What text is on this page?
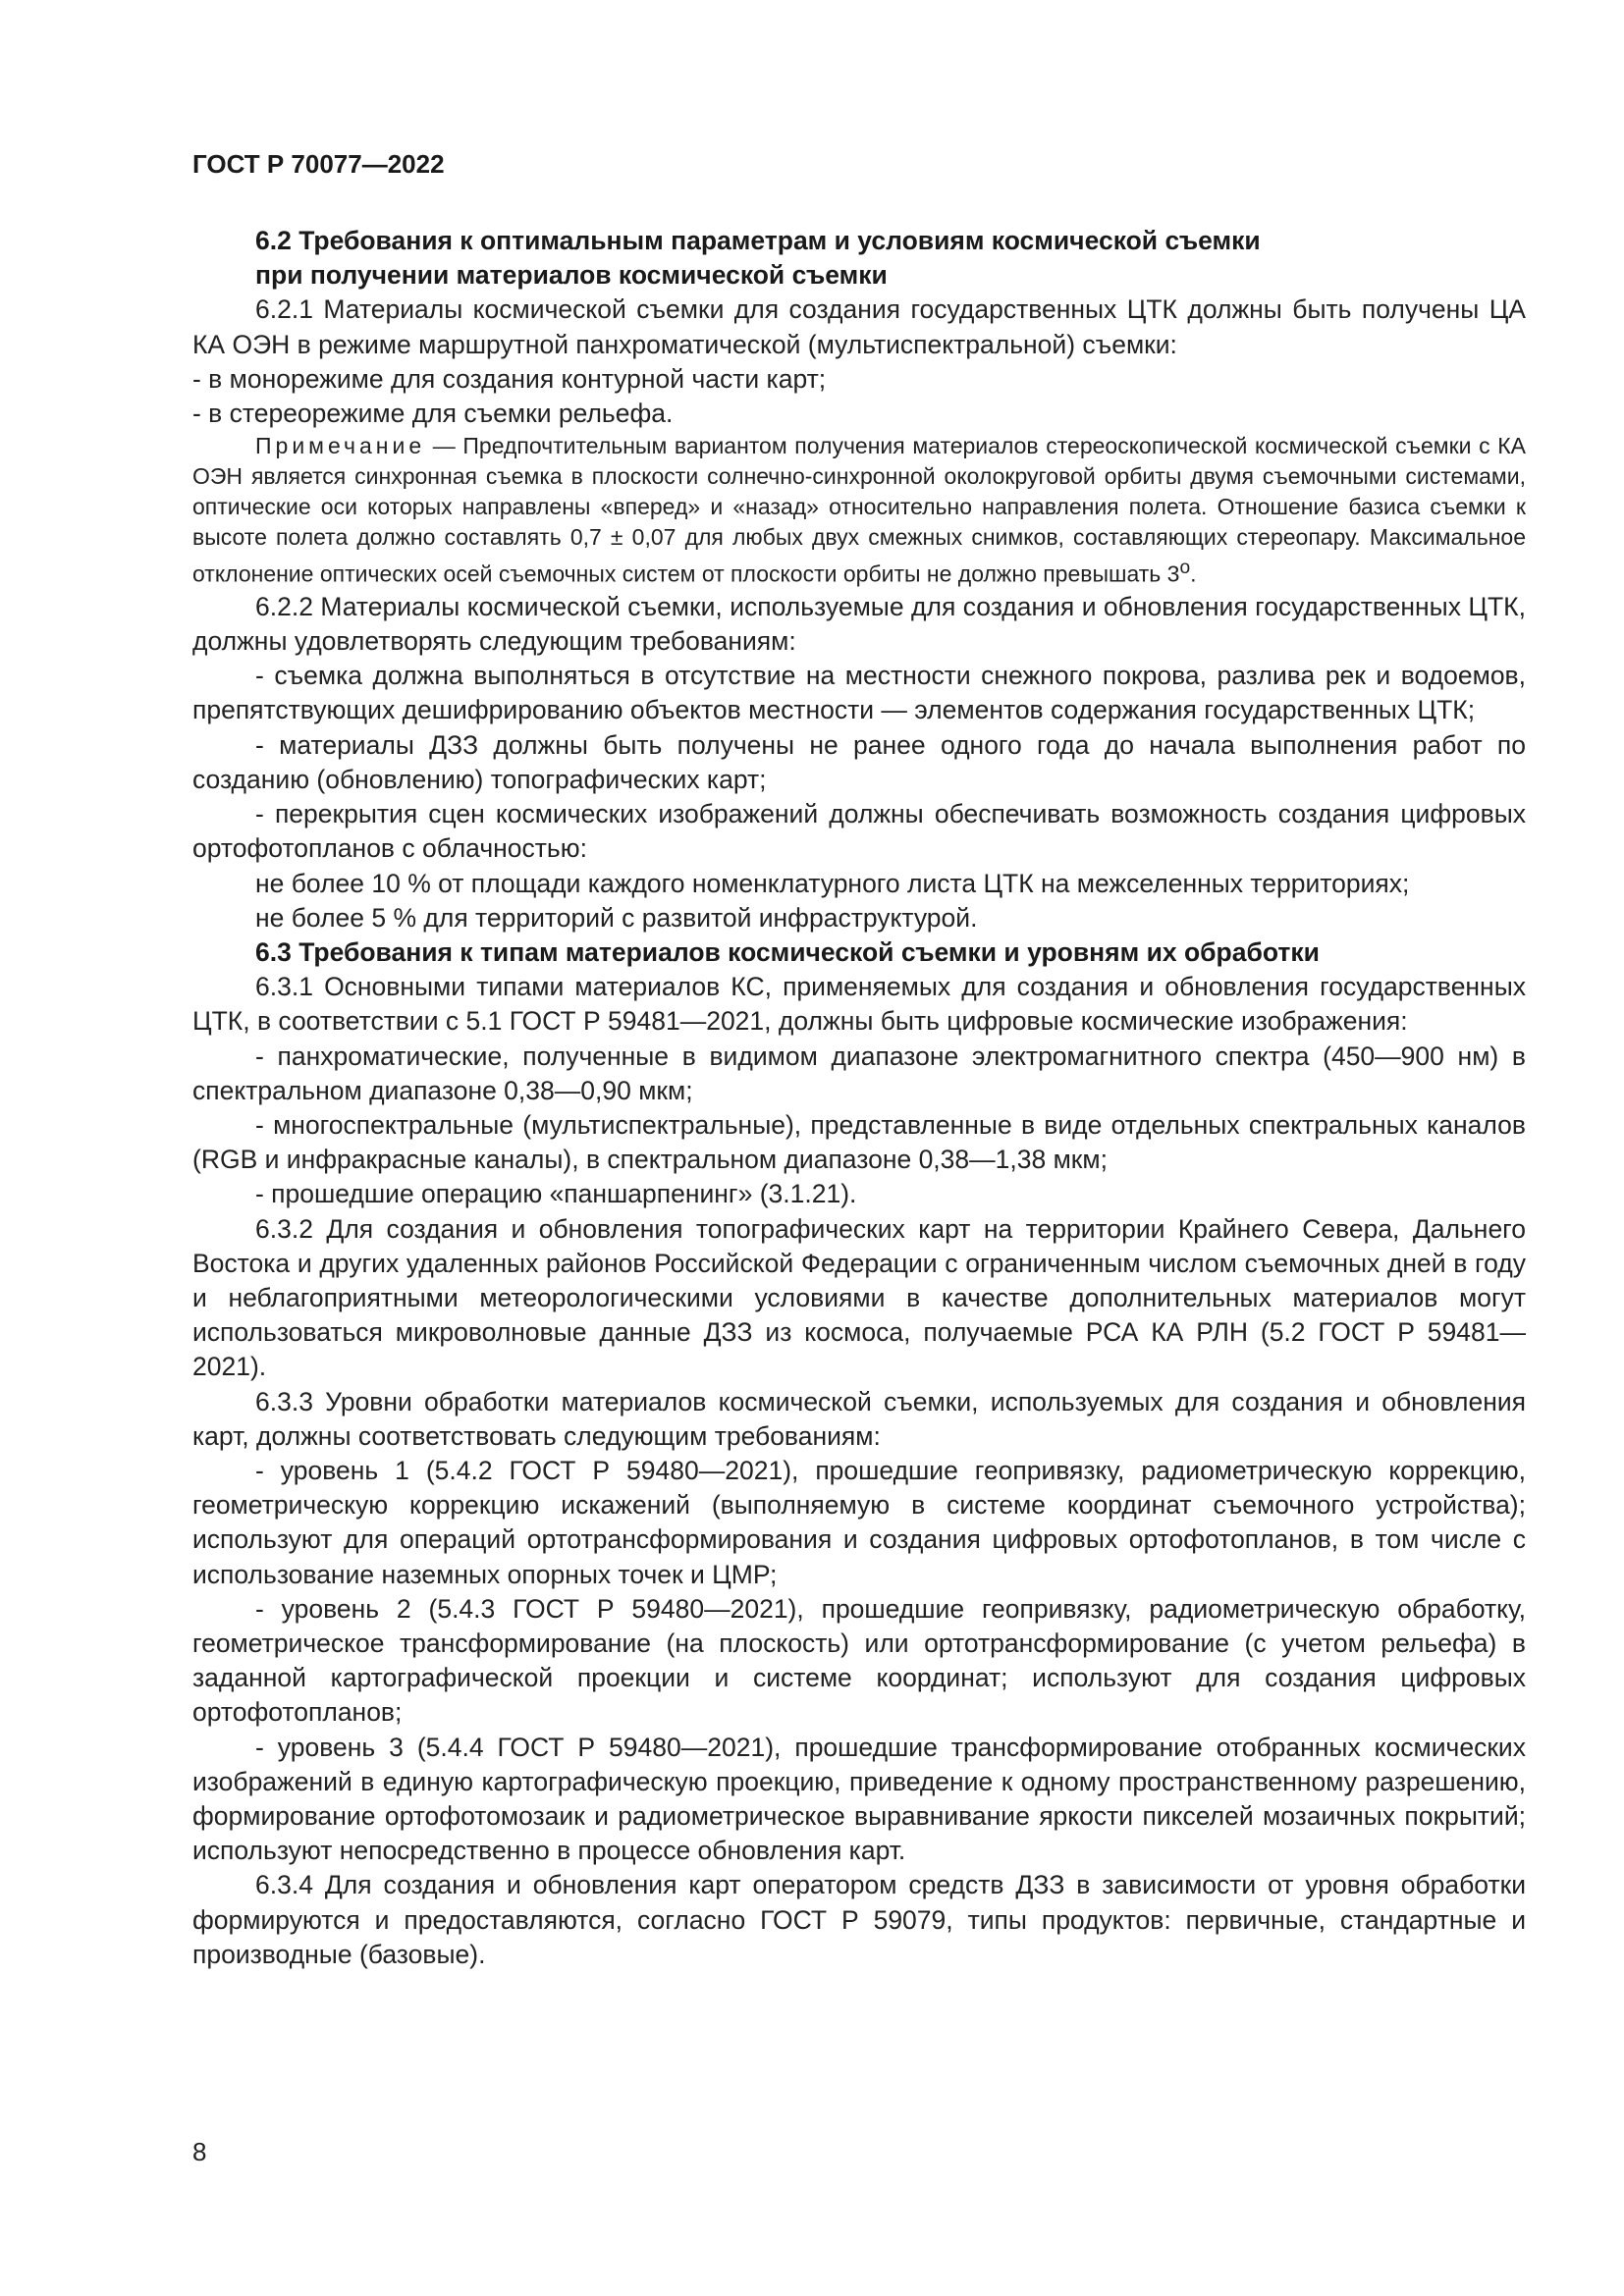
ГОСТ Р 70077—2022
6.2 Требования к оптимальным параметрам и условиям космической съемки
при получении материалов космической съемки

6.2.1 Материалы космической съемки для создания государственных ЦТК должны быть получены ЦА КА ОЭН в режиме маршрутной панхроматической (мультиспектральной) съемки:

- в монорежиме для создания контурной части карт;

- в стереорежиме для съемки рельефа.

Примечание — Предпочтительным вариантом получения материалов стереоскопической космической съемки с КА ОЭН является синхронная съемка в плоскости солнечно-синхронной околокруговой орбиты двумя съемочными системами, оптические оси которых направлены «вперед» и «назад» относительно направления полета. Отношение базиса съемки к высоте полета должно составлять 0,7 ± 0,07 для любых двух смежных снимков, составляющих стереопару. Максимальное отклонение оптических осей съемочных систем от плоскости орбиты не должно превышать $3^о$.

6.2.2 Материалы космической съемки, используемые для создания и обновления государственных ЦТК, должны удовлетворять следующим требованиям:

- съемка должна выполняться в отсутствие на местности снежного покрова, разлива рек и водоемов, препятствующих дешифрированию объектов местности — элементов содержания государственных ЦТК;

- материалы ДЗЗ должны быть получены не ранее одного года до начала выполнения работ по созданию (обновлению) топографических карт;

- перекрытия сцен космических изображений должны обеспечивать возможность создания цифровых ортофотопланов с облачностью:

не более 10 % от площади каждого номенклатурного листа ЦТК на межселенных территориях;

не более 5 % для территорий с развитой инфраструктурой.

6.3 Требования к типам материалов космической съемки и уровням их обработки

6.3.1 Основными типами материалов КС, применяемых для создания и обновления государственных ЦТК, в соответствии с 5.1 ГОСТ Р 59481—2021, должны быть цифровые космические изображения:

- панхроматические, полученные в видимом диапазоне электромагнитного спектра (450—900 нм) в спектральном диапазоне 0,38—0,90 мкм;

- многоспектральные (мультиспектральные), представленные в виде отдельных спектральных каналов (RGB и инфракрасные каналы), в спектральном диапазоне 0,38—1,38 мкм;

- прошедшие операцию «паншарпенинг» (3.1.21).

6.3.2 Для создания и обновления топографических карт на территории Крайнего Севера, Дальнего Востока и других удаленных районов Российской Федерации с ограниченным числом съемочных дней в году и неблагоприятными метеорологическими условиями в качестве дополнительных материалов могут использоваться микроволновые данные ДЗЗ из космоса, получаемые РСА КА РЛН (5.2 ГОСТ Р 59481—2021).

6.3.3 Уровни обработки материалов космической съемки, используемых для создания и обновления карт, должны соответствовать следующим требованиям:

- уровень 1 (5.4.2 ГОСТ Р 59480—2021), прошедшие геопривязку, радиометрическую коррекцию, геометрическую коррекцию искажений (выполняемую в системе координат съемочного устройства); используют для операций ортотрансформирования и создания цифровых ортофотопланов, в том числе с использование наземных опорных точек и ЦМР;

- уровень 2 (5.4.3 ГОСТ Р 59480—2021), прошедшие геопривязку, радиометрическую обработку, геометрическое трансформирование (на плоскость) или ортотрансформирование (с учетом рельефа) в заданной картографической проекции и системе координат; используют для создания цифровых ортофотопланов;

- уровень 3 (5.4.4 ГОСТ Р 59480—2021), прошедшие трансформирование отобранных космических изображений в единую картографическую проекцию, приведение к одному пространственному разрешению, формирование ортофотомозаик и радиометрическое выравнивание яркости пикселей мозаичных покрытий; используют непосредственно в процессе обновления карт.

6.3.4 Для создания и обновления карт оператором средств ДЗЗ в зависимости от уровня обработки формируются и предоставляются, согласно ГОСТ Р 59079, типы продуктов: первичные, стандартные и производные (базовые).

8
